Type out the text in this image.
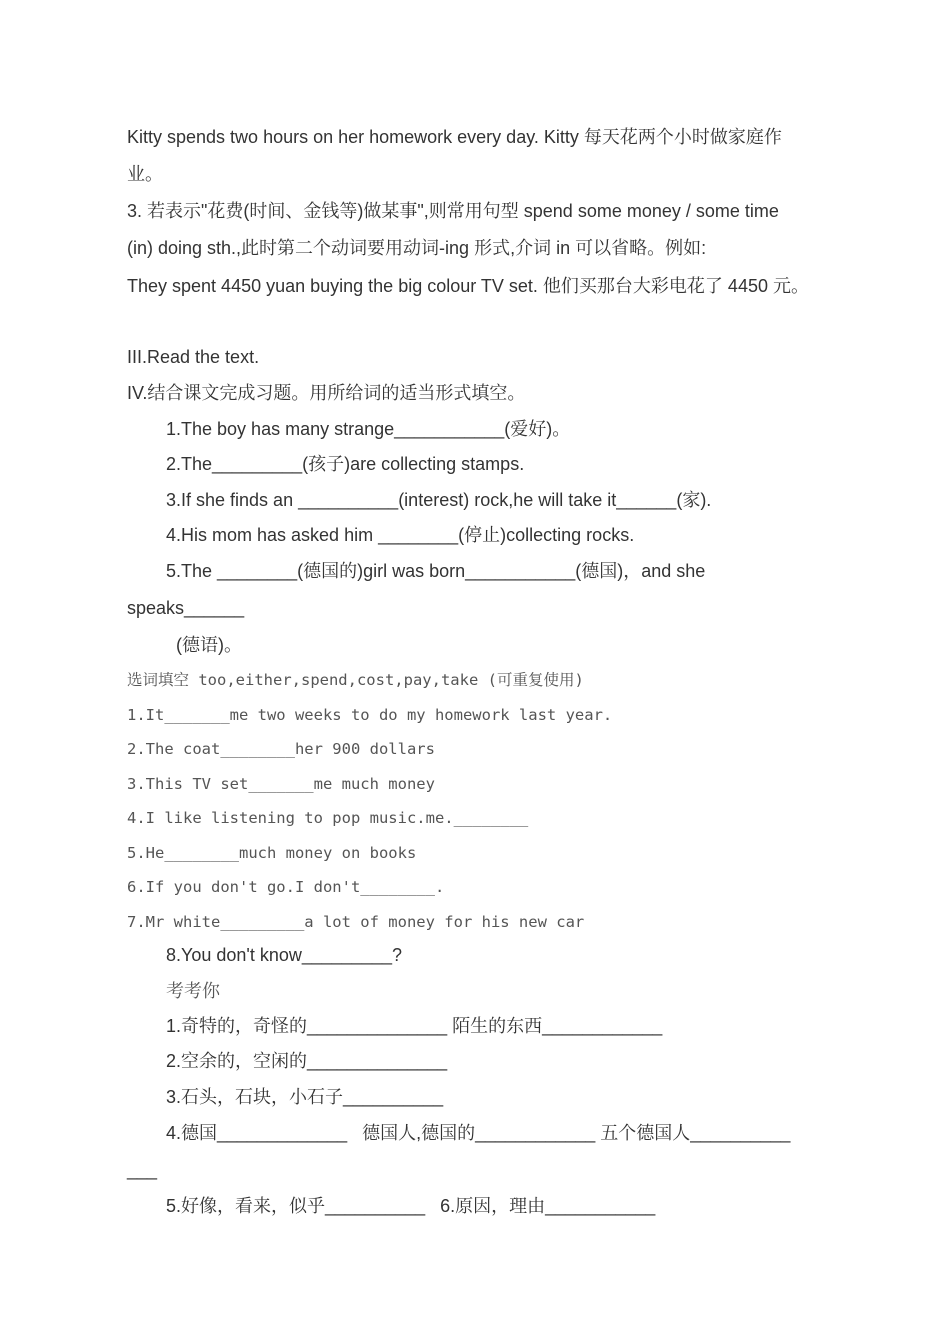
Kitty spends two hours on her homework every day. Kitty 每天花两个小时做家庭作
业。
3. 若表示"花费(时间、金钱等)做某事",则常用句型 spend some money / some time
(in) doing sth.,此时第二个动词要用动词-ing 形式,介词 in 可以省略。例如:
They spent 4450 yuan buying the big colour TV set. 他们买那台大彩电花了 4450 元。
III.Read the text.
IV.结合课文完成习题。用所给词的适当形式填空。
1.The boy has many strange___________(爱好)。
2.The_________(孩子)are collecting stamps.
3.If she finds an __________(interest) rock,he will take it______(家).
4.His mom has asked him ________(停止)collecting rocks.
5.The ________(德国的)girl was born___________(德国)，and she
speaks______
(德语)。
选词填空 too,either,spend,cost,pay,take (可重复使用)
1.It_______me two weeks to do my homework last year.
2.The coat________her 900 dollars
3.This TV set_______me much money
4.I like listening to pop music.me.________
5.He________much money on books
6.If you don't go.I don't________.
7.Mr white_________a lot of money for his new car
8.You don't know_________?
考考你
1.奇特的，奇怪的______________ 陌生的东西____________
2.空余的，空闲的______________
3.石头，石块，小石子__________
4.德国_____________   德国人,德国的____________ 五个德国人__________
___
5.好像，看来，似乎__________   6.原因，理由___________
